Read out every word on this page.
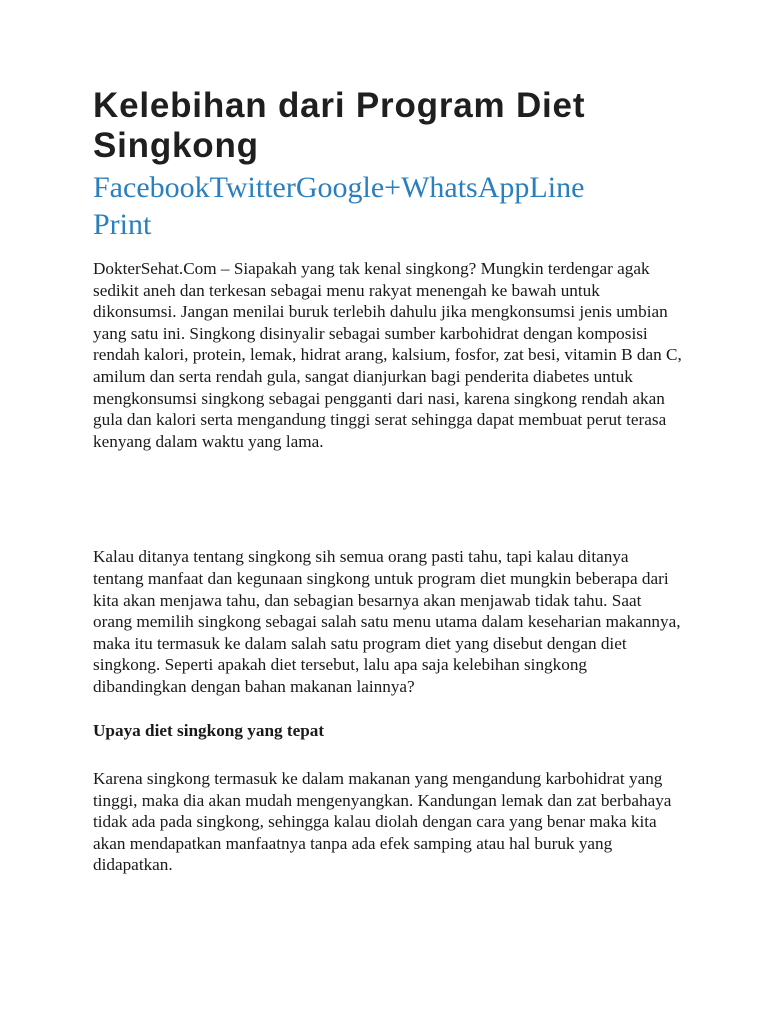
Kelebihan dari Program Diet Singkong
FacebookTwitterGoogle+WhatsAppLine
Print

DokterSehat.Com – Siapakah yang tak kenal singkong? Mungkin terdengar agak sedikit aneh dan terkesan sebagai menu rakyat menengah ke bawah untuk dikonsumsi. Jangan menilai buruk terlebih dahulu jika mengkonsumsi jenis umbian yang satu ini. Singkong disinyalir sebagai sumber karbohidrat dengan komposisi rendah kalori, protein, lemak, hidrat arang, kalsium, fosfor, zat besi, vitamin B dan C, amilum dan serta rendah gula, sangat dianjurkan bagi penderita diabetes untuk mengkonsumsi singkong sebagai pengganti dari nasi, karena singkong rendah akan gula dan kalori serta mengandung tinggi serat sehingga dapat membuat perut terasa kenyang dalam waktu yang lama.

Kalau ditanya tentang singkong sih semua orang pasti tahu, tapi kalau ditanya tentang manfaat dan kegunaan singkong untuk program diet mungkin beberapa dari kita akan menjawa tahu, dan sebagian besarnya akan menjawab tidak tahu. Saat orang memilih singkong sebagai salah satu menu utama dalam keseharian makannya, maka itu termasuk ke dalam salah satu program diet yang disebut dengan diet singkong. Seperti apakah diet tersebut, lalu apa saja kelebihan singkong dibandingkan dengan bahan makanan lainnya?

Upaya diet singkong yang tepat

Karena singkong termasuk ke dalam makanan yang mengandung karbohidrat yang tinggi, maka dia akan mudah mengenyangkan. Kandungan lemak dan zat berbahaya tidak ada pada singkong, sehingga kalau diolah dengan cara yang benar maka kita akan mendapatkan manfaatnya tanpa ada efek samping atau hal buruk yang didapatkan.
